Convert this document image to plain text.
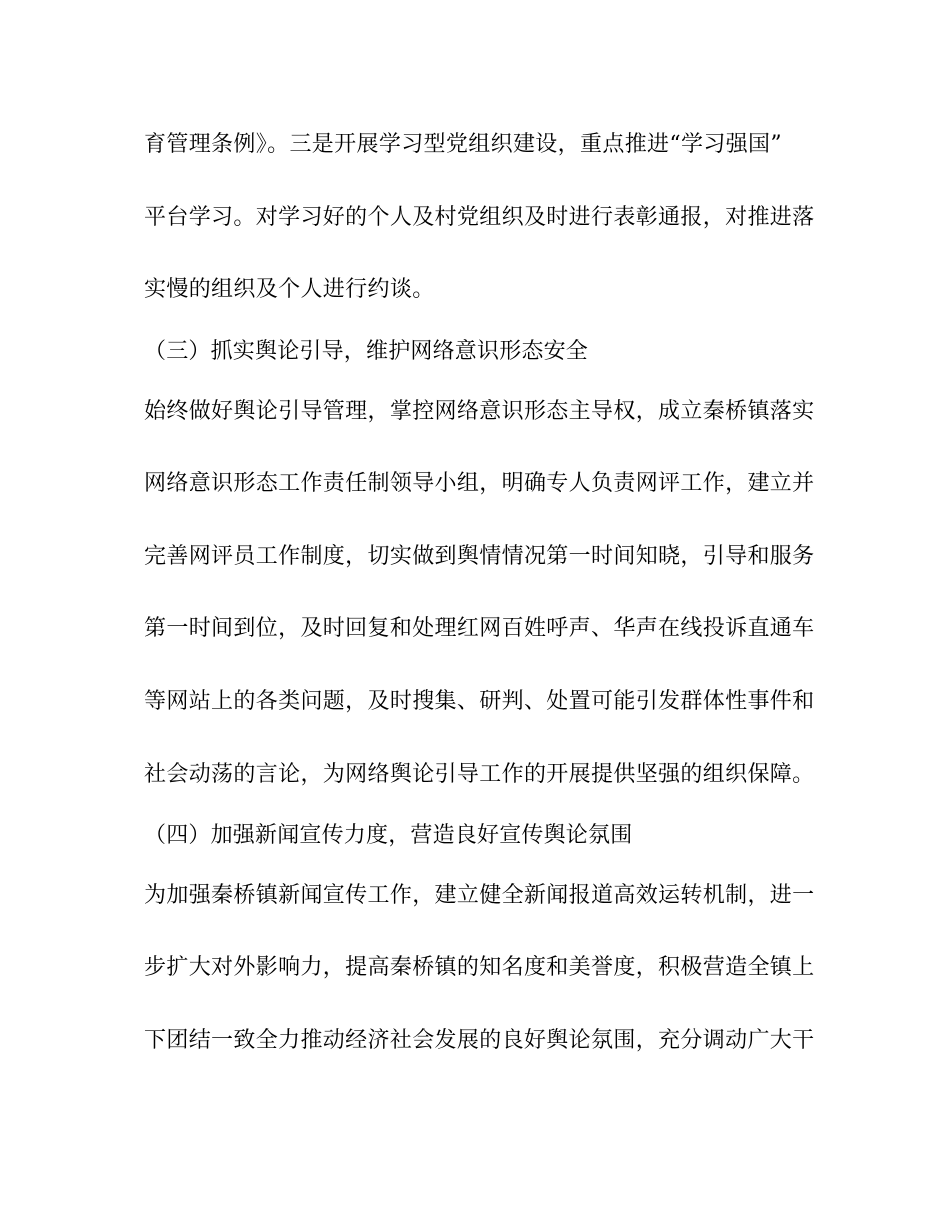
育管理条例》。三是开展学习型党组织建设，重点推进“学习强国”
平台学习。对学习好的个人及村党组织及时进行表彰通报，对推进落
实慢的组织及个人进行约谈。
（三）抓实舆论引导，维护网络意识形态安全
始终做好舆论引导管理，掌控网络意识形态主导权，成立秦桥镇落实
网络意识形态工作责任制领导小组，明确专人负责网评工作，建立并
完善网评员工作制度，切实做到舆情情况第一时间知晓，引导和服务
第一时间到位，及时回复和处理红网百姓呼声、华声在线投诉直通车
等网站上的各类问题，及时搜集、研判、处置可能引发群体性事件和
社会动荡的言论，为网络舆论引导工作的开展提供坚强的组织保障。
（四）加强新闻宣传力度，营造良好宣传舆论氛围
为加强秦桥镇新闻宣传工作，建立健全新闻报道高效运转机制，进一
步扩大对外影响力，提高秦桥镇的知名度和美誉度，积极营造全镇上
下团结一致全力推动经济社会发展的良好舆论氛围，充分调动广大干
